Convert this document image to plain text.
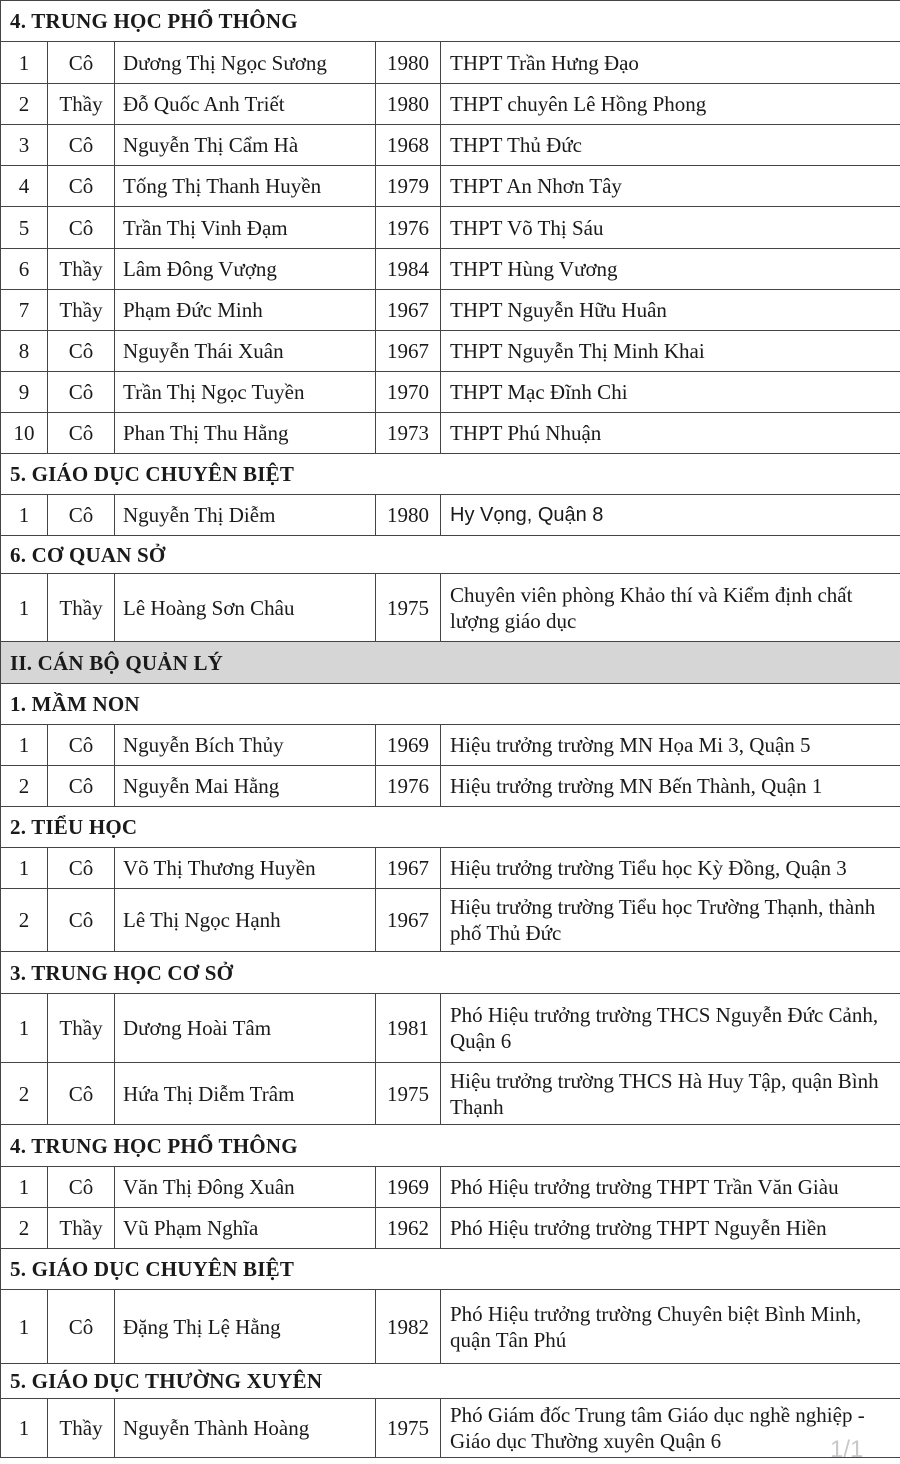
4. TRUNG HỌC PHỔ THÔNG				
1	Cô	Dương Thị Ngọc Sương	1980	THPT Trần Hưng Đạo
2	Thầy	Đỗ Quốc Anh Triết	1980	THPT chuyên Lê Hồng Phong
3	Cô	Nguyễn Thị Cẩm Hà	1968	THPT Thủ Đức
4	Cô	Tống Thị Thanh Huyền	1979	THPT An Nhơn Tây
5	Cô	Trần Thị Vinh Đạm	1976	THPT Võ Thị Sáu
6	Thầy	Lâm Đông Vượng	1984	THPT Hùng Vương
7	Thầy	Phạm Đức Minh	1967	THPT Nguyễn Hữu Huân
8	Cô	Nguyễn Thái Xuân	1967	THPT Nguyễn Thị Minh Khai
9	Cô	Trần Thị Ngọc Tuyền	1970	THPT Mạc Đĩnh Chi
10	Cô	Phan Thị Thu Hằng	1973	THPT Phú Nhuận
5. GIÁO DỤC CHUYÊN BIỆT				
1	Cô	Nguyễn Thị Diễm	1980	Hy Vọng, Quận 8
6. CƠ QUAN SỞ				
1	Thầy	Lê Hoàng Sơn Châu	1975	Chuyên viên phòng Khảo thí và Kiểm định chất lượng giáo dục
II. CÁN BỘ QUẢN LÝ				
1. MẦM NON				
1	Cô	Nguyễn Bích Thủy	1969	Hiệu trưởng trường MN Họa Mi 3, Quận 5
2	Cô	Nguyễn Mai Hằng	1976	Hiệu trưởng trường MN Bến Thành, Quận 1
2. TIỂU HỌC				
1	Cô	Võ Thị Thương Huyền	1967	Hiệu trưởng trường Tiểu học Kỳ Đồng, Quận 3
2	Cô	Lê Thị Ngọc Hạnh	1967	Hiệu trưởng trường Tiểu học Trường Thạnh, thành phố Thủ Đức
3. TRUNG HỌC CƠ SỞ				
1	Thầy	Dương Hoài Tâm	1981	Phó Hiệu trưởng trường THCS Nguyễn Đức Cảnh, Quận 6
2	Cô	Hứa Thị Diễm Trâm	1975	Hiệu trưởng trường THCS Hà Huy Tập, quận Bình Thạnh
4. TRUNG HỌC PHỔ THÔNG				
1	Cô	Văn Thị Đông Xuân	1969	Phó Hiệu trưởng trường THPT Trần Văn Giàu
2	Thầy	Vũ Phạm Nghĩa	1962	Phó Hiệu trưởng trường THPT Nguyễn Hiền
5. GIÁO DỤC CHUYÊN BIỆT				
1	Cô	Đặng Thị Lệ Hằng	1982	Phó Hiệu trưởng trường Chuyên biệt Bình Minh, quận Tân Phú
5. GIÁO DỤC THƯỜNG XUYÊN				
1	Thầy	Nguyễn Thành Hoàng	1975	Phó Giám đốc Trung tâm Giáo dục nghề nghiệp - Giáo dục Thường xuyên Quận 6	1/1
